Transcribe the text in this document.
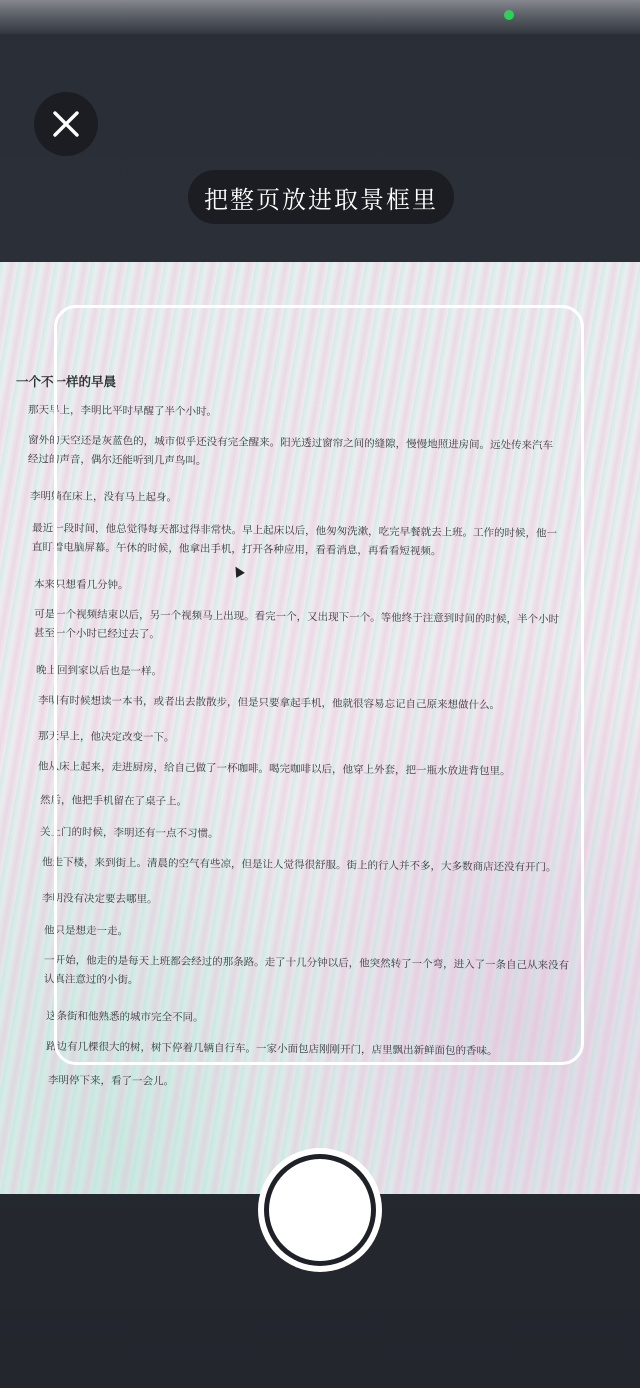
一个不一样的早晨
那天早上，李明比平时早醒了半个小时。
窗外的天空还是灰蓝色的，城市似乎还没有完全醒来。阳光透过窗帘之间的缝隙，慢慢地照进房间。远处传来汽车
经过的声音，偶尔还能听到几声鸟叫。
李明躺在床上，没有马上起身。
最近一段时间，他总觉得每天都过得非常快。早上起床以后，他匆匆洗漱，吃完早餐就去上班。工作的时候，他一
直盯着电脑屏幕。午休的时候，他拿出手机，打开各种应用，看看消息，再看看短视频。
本来只想看几分钟。
可是一个视频结束以后，另一个视频马上出现。看完一个，又出现下一个。等他终于注意到时间的时候，半个小时
甚至一个小时已经过去了。
晚上回到家以后也是一样。
李明有时候想读一本书，或者出去散散步，但是只要拿起手机，他就很容易忘记自己原来想做什么。
那天早上，他决定改变一下。
他从床上起来，走进厨房，给自己做了一杯咖啡。喝完咖啡以后，他穿上外套，把一瓶水放进背包里。
然后，他把手机留在了桌子上。
关上门的时候，李明还有一点不习惯。
他走下楼，来到街上。清晨的空气有些凉，但是让人觉得很舒服。街上的行人并不多，大多数商店还没有开门。
李明没有决定要去哪里。
他只是想走一走。
一开始，他走的是每天上班都会经过的那条路。走了十几分钟以后，他突然转了一个弯，进入了一条自己从来没有
认真注意过的小街。
这条街和他熟悉的城市完全不同。
路边有几棵很大的树，树下停着几辆自行车。一家小面包店刚刚开门，店里飘出新鲜面包的香味。
李明停下来，看了一会儿。
把整页放进取景框里
